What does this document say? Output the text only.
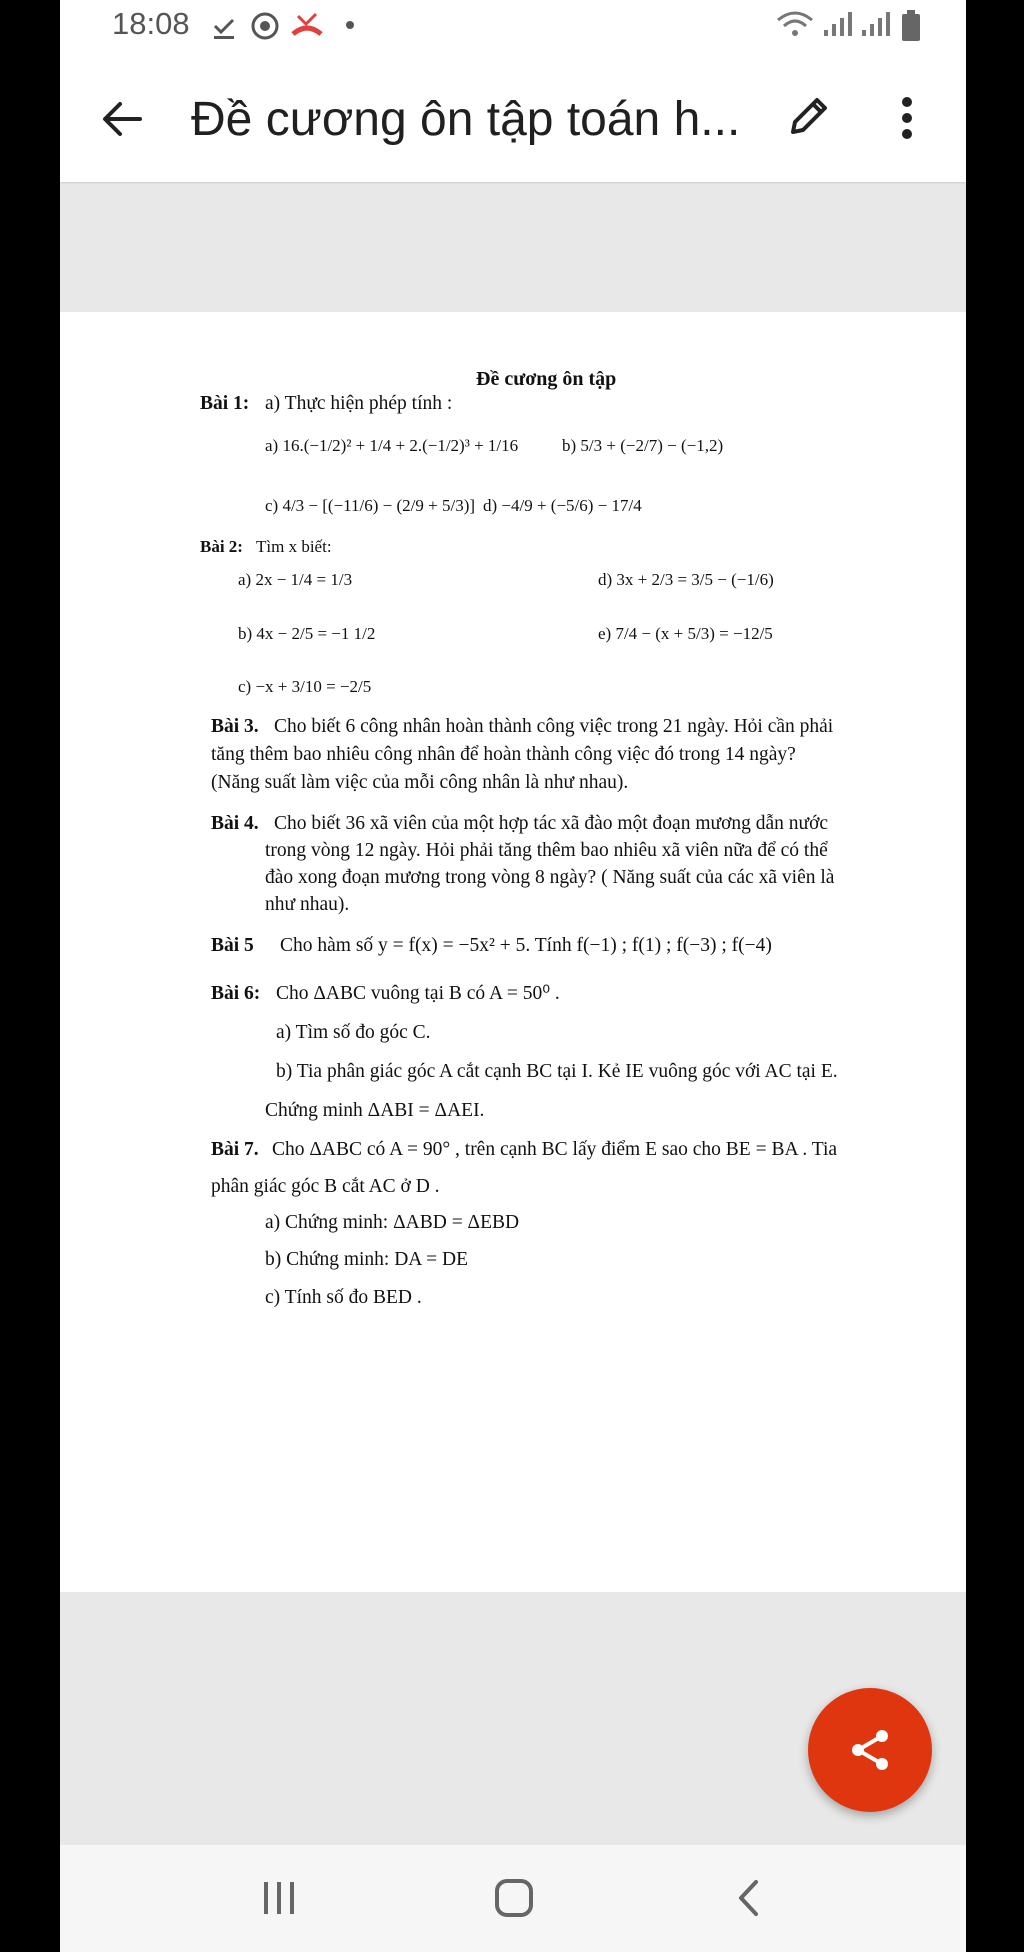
18:08
Đề cương ôn tập toán h...
Đề cương ôn tập
Bài 1: a) Thực hiện phép tính :
a) 16.(−1/2)² + 1/4 + 2.(−1/2)³ + 1/16	b) 5/3 + (−2/7) − (−1,2)
c) 4/3 − [(−11/6) − (2/9 + 5/3)] d) −4/9 + (−5/6) − 17/4
Bài 2: Tìm x biết:
a) 2x − 1/4 = 1/3	d) 3x + 2/3 = 3/5 − (−1/6)
b) 4x − 2/5 = −1 1/2	e) 7/4 − (x + 5/3) = −12/5
c) −x + 3/10 = −2/5
Bài 3. Cho biết 6 công nhân hoàn thành công việc trong 21 ngày. Hỏi cần phải
tăng thêm bao nhiêu công nhân để hoàn thành công việc đó trong 14 ngày?
(Năng suất làm việc của mỗi công nhân là như nhau).
Bài 4. Cho biết 36 xã viên của một hợp tác xã đào một đoạn mương dẫn nước
trong vòng 12 ngày. Hỏi phải tăng thêm bao nhiêu xã viên nữa để có thể
đào xong đoạn mương trong vòng 8 ngày? ( Năng suất của các xã viên là
như nhau).
Bài 5 Cho hàm số y = f(x) = −5x² + 5. Tính f(−1) ; f(1) ; f(−3) ; f(−4)
Bài 6: Cho ΔABC vuông tại B có A = 50⁰ .
a) Tìm số đo góc C.
b) Tia phân giác góc A cắt cạnh BC tại I. Kẻ IE vuông góc với AC tại E.
Chứng minh ΔABI = ΔAEI.
Bài 7. Cho ΔABC có A = 90° , trên cạnh BC lấy điểm E sao cho BE = BA . Tia
phân giác góc B cắt AC ở D .
a) Chứng minh: ΔABD = ΔEBD
b) Chứng minh: DA = DE
c) Tính số đo BED .
